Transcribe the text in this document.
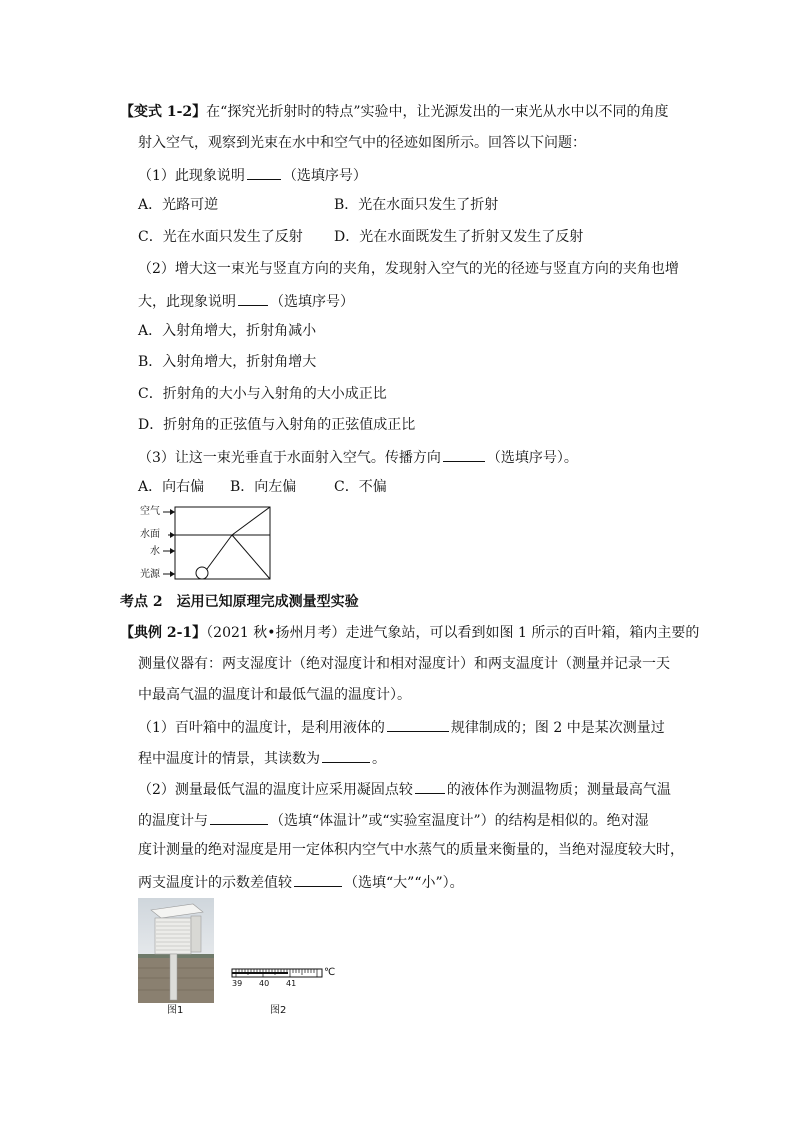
【变式 1-2】在“探究光折射时的特点”实验中，让光源发出的一束光从水中以不同的角度
射入空气，观察到光束在水中和空气中的径迹如图所示。回答以下问题：
（1）此现象说明	（选填序号）
A．光路可逆	B．光在水面只发生了折射
C．光在水面只发生了反射 D．光在水面既发生了折射又发生了反射
（2）增大这一束光与竖直方向的夹角，发现射入空气的光的径迹与竖直方向的夹角也增
大，此现象说明 （选填序号）
A．入射角增大，折射角减小
B．入射角增大，折射角增大
C．折射角的大小与入射角的大小成正比
D．折射角的正弦值与入射角的正弦值成正比
（3）让这一束光垂直于水面射入空气。传播方向	（选填序号）。
A．向右偏 B．向左偏	C．不偏
空气
水面
水
光源
考点 2　运用已知原理完成测量型实验
【典例 2-1】（2021 秋•扬州月考）走进气象站，可以看到如图 1 所示的百叶箱，箱内主要的
测量仪器有：两支湿度计（绝对湿度计和相对湿度计）和两支温度计（测量并记录一天
中最高气温的温度计和最低气温的温度计）。
（1）百叶箱中的温度计，是利用液体的	规律制成的；图 2 中是某次测量过
程中温度计的情景，其读数为	。
（2）测量最低气温的温度计应采用凝固点较 的液体作为测温物质；测量最高气温
的温度计与	（选填“体温计”或“实验室温度计”）的结构是相似的。绝对湿
度计测量的绝对湿度是用一定体积内空气中水蒸气的质量来衡量的，当绝对湿度较大时，
两支温度计的示数差值较	（选填“大”“小”）。
图1
39 40 41
℃
图2
